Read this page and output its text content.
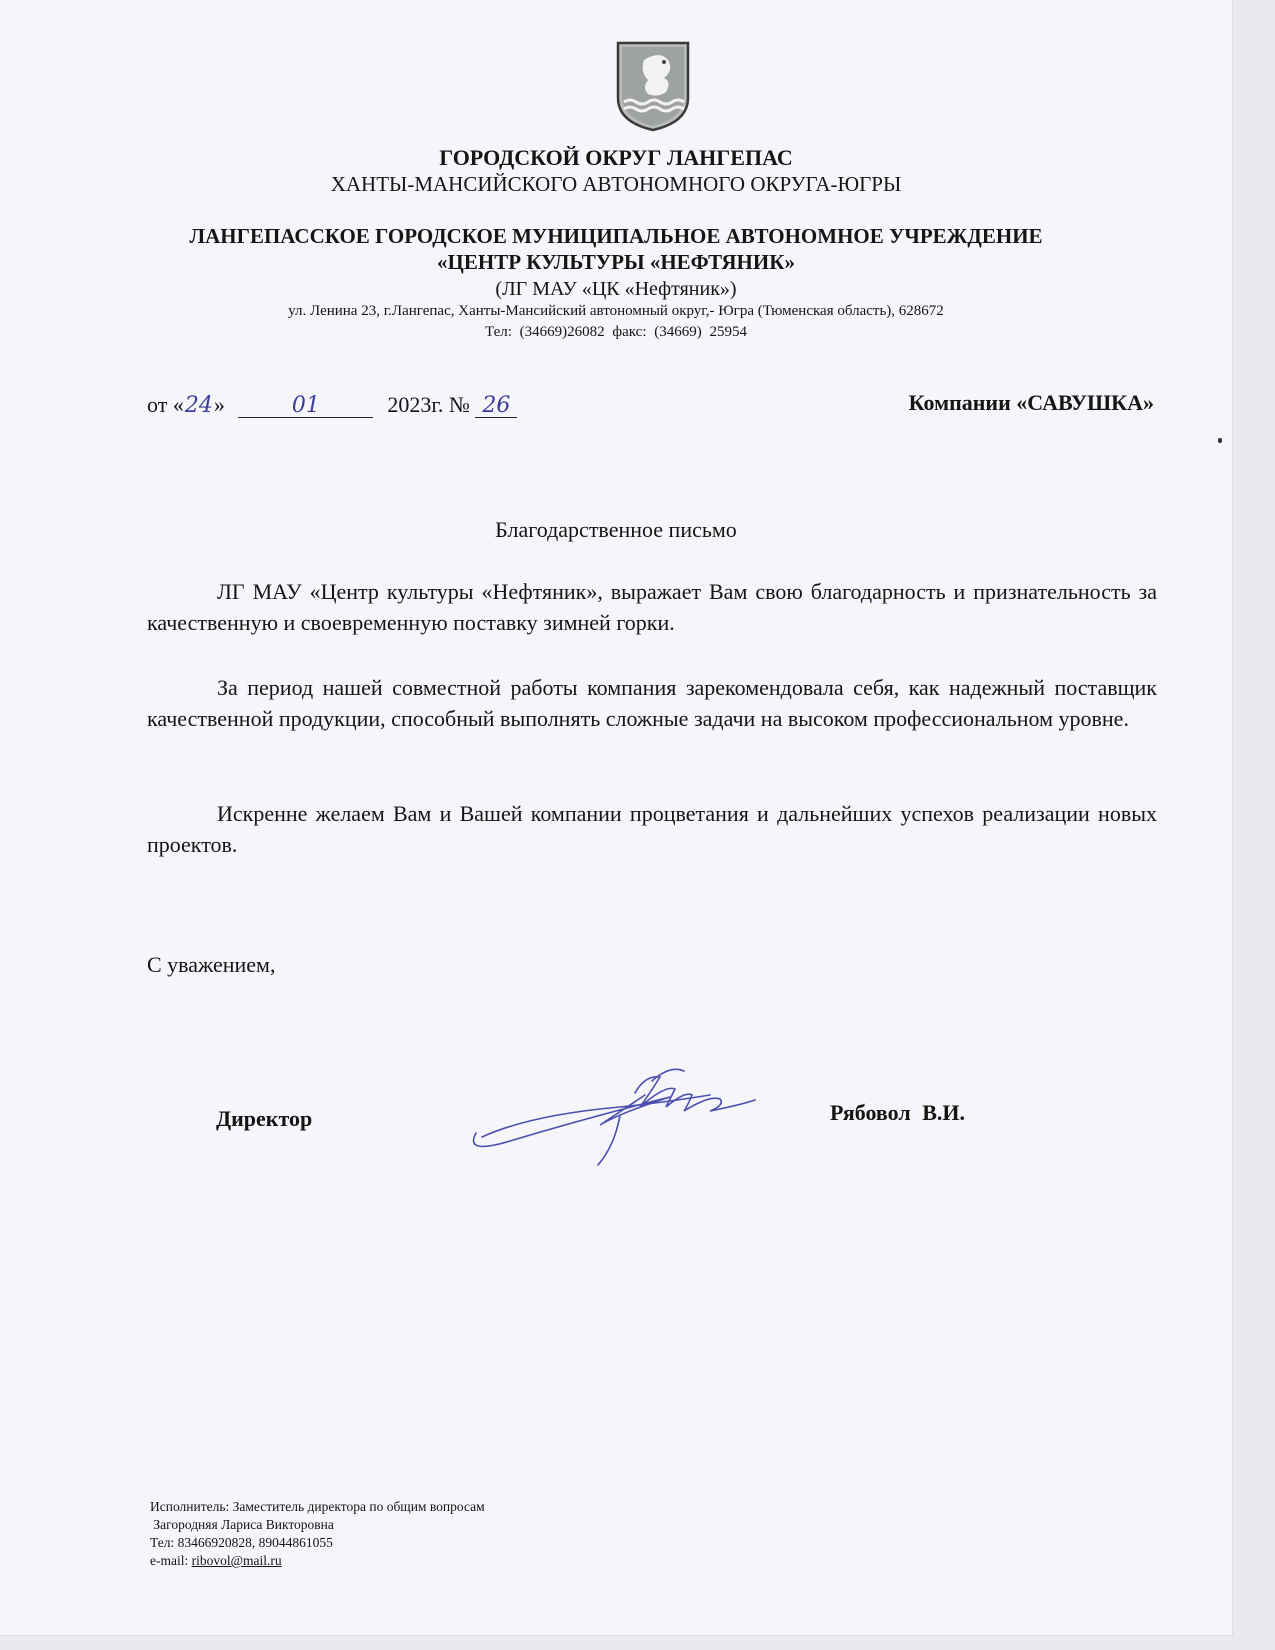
ГОРОДСКОЙ ОКРУГ ЛАНГЕПАС
ХАНТЫ-МАНСИЙСКОГО АВТОНОМНОГО ОКРУГА-ЮГРЫ
ЛАНГЕПАССКОЕ ГОРОДСКОЕ МУНИЦИПАЛЬНОЕ АВТОНОМНОЕ УЧРЕЖДЕНИЕ
«ЦЕНТР КУЛЬТУРЫ «НЕФТЯНИК»
(ЛГ МАУ «ЦК «Нефтяник»)
ул. Ленина 23, г.Лангепас, Ханты-Мансийский автономный округ,- Югра (Тюменская область), 628672
Тел: (34669)26082 факс: (34669) 25954
от «24»	01	2023г. № 26	Компании «САВУШКА»
Благодарственное письмо
ЛГ МАУ «Центр культуры «Нефтяник», выражает Вам свою благодарность и признательность за качественную и своевременную поставку зимней горки.
За период нашей совместной работы компания зарекомендовала себя, как надежный поставщик качественной продукции, способный выполнять сложные задачи на высоком профессиональном уровне.
Искренне желаем Вам и Вашей компании процветания и дальнейших успехов реализации новых проектов.
С уважением,
Директор	Рябовол В.И.
Исполнитель: Заместитель директора по общим вопросам
Загородняя Лариса Викторовна
Тел: 83466920828, 89044861055
e-mail: ribovol@mail.ru
